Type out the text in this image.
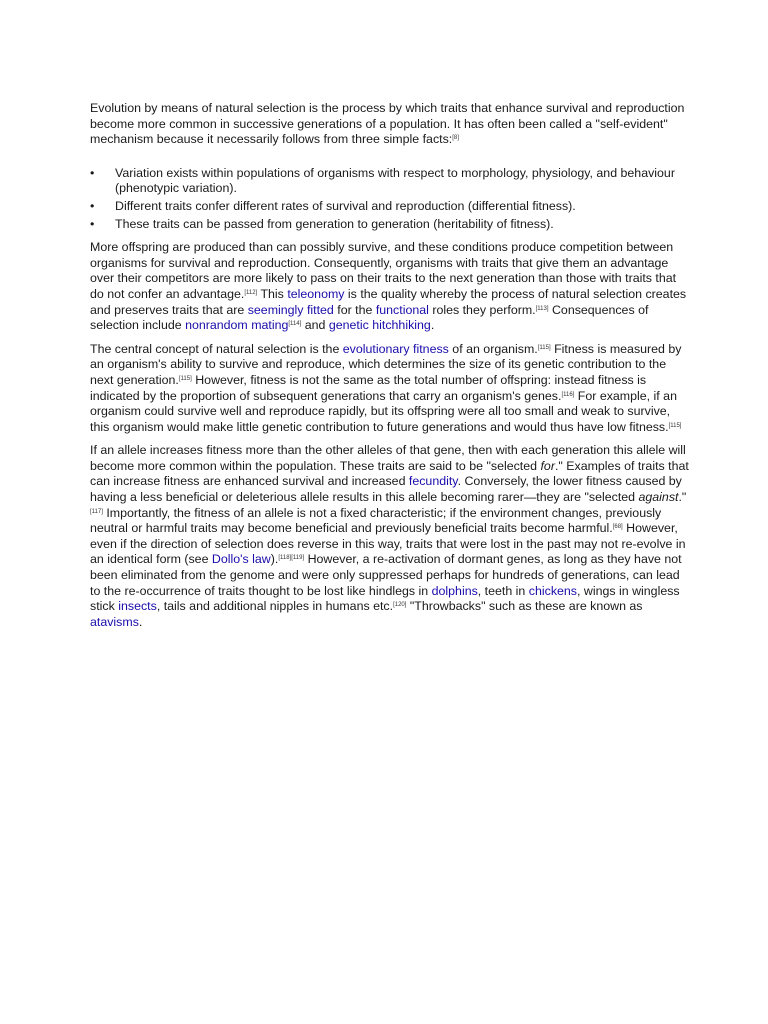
Evolution by means of natural selection is the process by which traits that enhance survival and reproduction become more common in successive generations of a population. It has often been called a "self-evident" mechanism because it necessarily follows from three simple facts:[8]

• Variation exists within populations of organisms with respect to morphology, physiology, and behaviour (phenotypic variation).
• Different traits confer different rates of survival and reproduction (differential fitness).
• These traits can be passed from generation to generation (heritability of fitness).

More offspring are produced than can possibly survive, and these conditions produce competition between organisms for survival and reproduction. Consequently, organisms with traits that give them an advantage over their competitors are more likely to pass on their traits to the next generation than those with traits that do not confer an advantage.[112] This teleonomy is the quality whereby the process of natural selection creates and preserves traits that are seemingly fitted for the functional roles they perform.[113] Consequences of selection include nonrandom mating[114] and genetic hitchhiking.

The central concept of natural selection is the evolutionary fitness of an organism.[115] Fitness is measured by an organism's ability to survive and reproduce, which determines the size of its genetic contribution to the next generation.[115] However, fitness is not the same as the total number of offspring: instead fitness is indicated by the proportion of subsequent generations that carry an organism's genes.[116] For example, if an organism could survive well and reproduce rapidly, but its offspring were all too small and weak to survive, this organism would make little genetic contribution to future generations and would thus have low fitness.[115]

If an allele increases fitness more than the other alleles of that gene, then with each generation this allele will become more common within the population. These traits are said to be "selected for." Examples of traits that can increase fitness are enhanced survival and increased fecundity. Conversely, the lower fitness caused by having a less beneficial or deleterious allele results in this allele becoming rarer—they are "selected against."[117] Importantly, the fitness of an allele is not a fixed characteristic; if the environment changes, previously neutral or harmful traits may become beneficial and previously beneficial traits become harmful.[68] However, even if the direction of selection does reverse in this way, traits that were lost in the past may not re-evolve in an identical form (see Dollo's law).[118][119] However, a re-activation of dormant genes, as long as they have not been eliminated from the genome and were only suppressed perhaps for hundreds of generations, can lead to the re-occurrence of traits thought to be lost like hindlegs in dolphins, teeth in chickens, wings in wingless stick insects, tails and additional nipples in humans etc.[120] "Throwbacks" such as these are known as atavisms.
